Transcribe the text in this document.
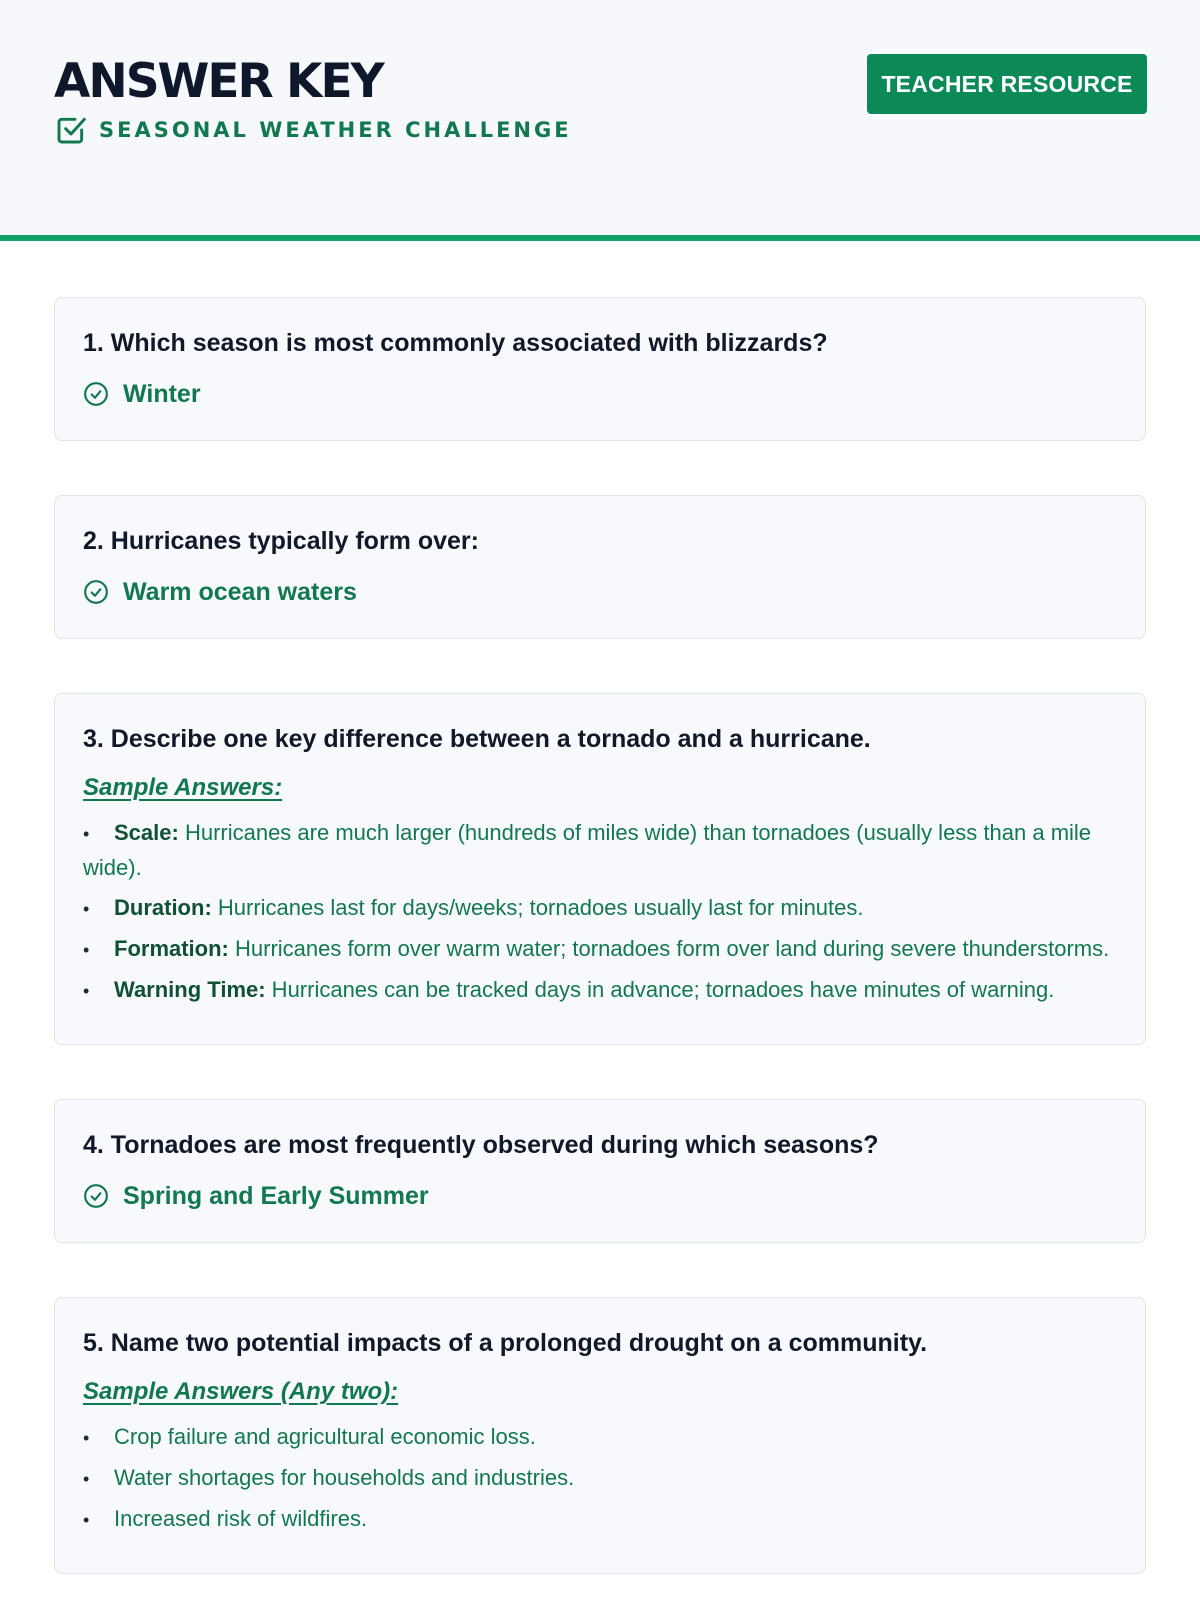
ANSWER KEY
SEASONAL WEATHER CHALLENGE
TEACHER RESOURCE
1. Which season is most commonly associated with blizzards?
Winter
2. Hurricanes typically form over:
Warm ocean waters
3. Describe one key difference between a tornado and a hurricane.
Sample Answers:
• Scale: Hurricanes are much larger (hundreds of miles wide) than tornadoes (usually less than a mile wide).
• Duration: Hurricanes last for days/weeks; tornadoes usually last for minutes.
• Formation: Hurricanes form over warm water; tornadoes form over land during severe thunderstorms.
• Warning Time: Hurricanes can be tracked days in advance; tornadoes have minutes of warning.
4. Tornadoes are most frequently observed during which seasons?
Spring and Early Summer
5. Name two potential impacts of a prolonged drought on a community.
Sample Answers (Any two):
• Crop failure and agricultural economic loss.
• Water shortages for households and industries.
• Increased risk of wildfires.
